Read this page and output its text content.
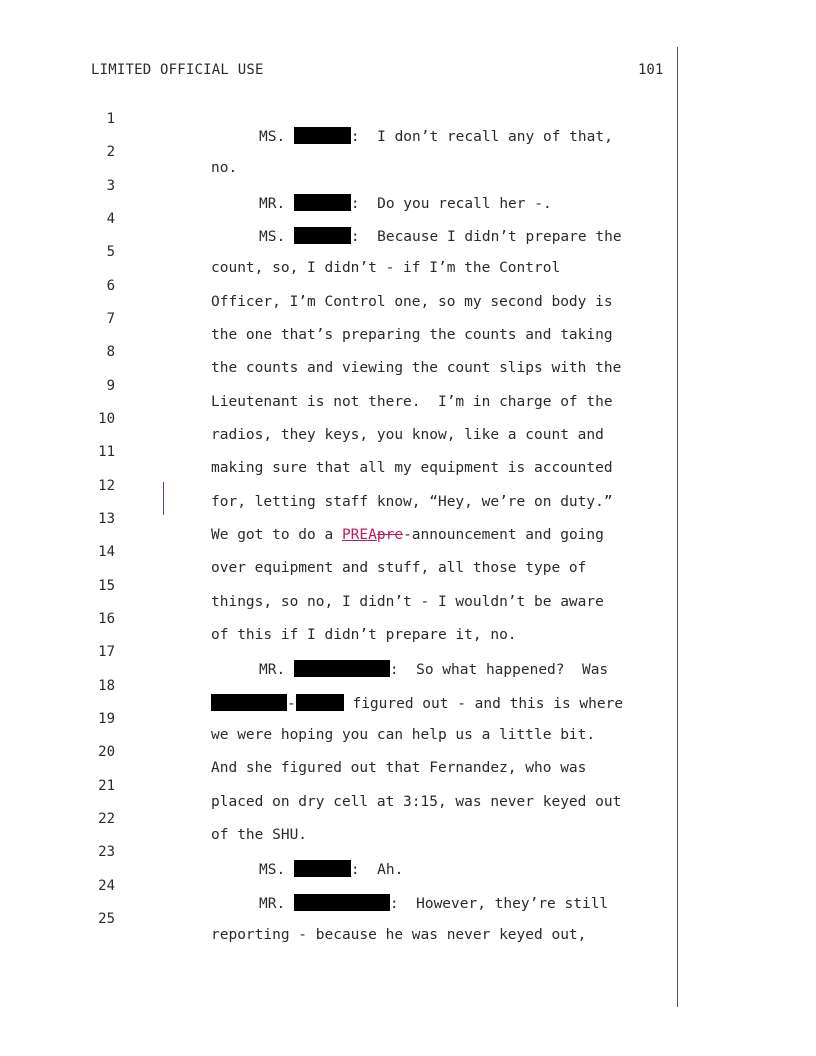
LIMITED OFFICIAL USE	101

1

MS.	:  I don’t recall any of that,

2

no.

3

MR.	:  Do you recall her -.

4

MS.	:  Because I didn’t prepare the

5

count, so, I didn’t - if I’m the Control

6

Officer, I’m Control one, so my second body is

7

the one that’s preparing the counts and taking

8

the counts and viewing the count slips with the

9

Lieutenant is not there.  I’m in charge of the

10

radios, they keys, you know, like a count and

11

making sure that all my equipment is accounted

12

for, letting staff know, “Hey, we’re on duty.”

13

We got to do a PREApre-announcement and going

14

over equipment and stuff, all those type of

15

things, so no, I didn’t - I wouldn’t be aware

16

of this if I didn’t prepare it, no.

17

MR.	:  So what happened?  Was

18

-	figured out - and this is where

19

we were hoping you can help us a little bit.

20

And she figured out that Fernandez, who was

21

placed on dry cell at 3:15, was never keyed out

22

of the SHU.

23

MS.	:  Ah.

24

MR.	:  However, they’re still

25

reporting - because he was never keyed out,
